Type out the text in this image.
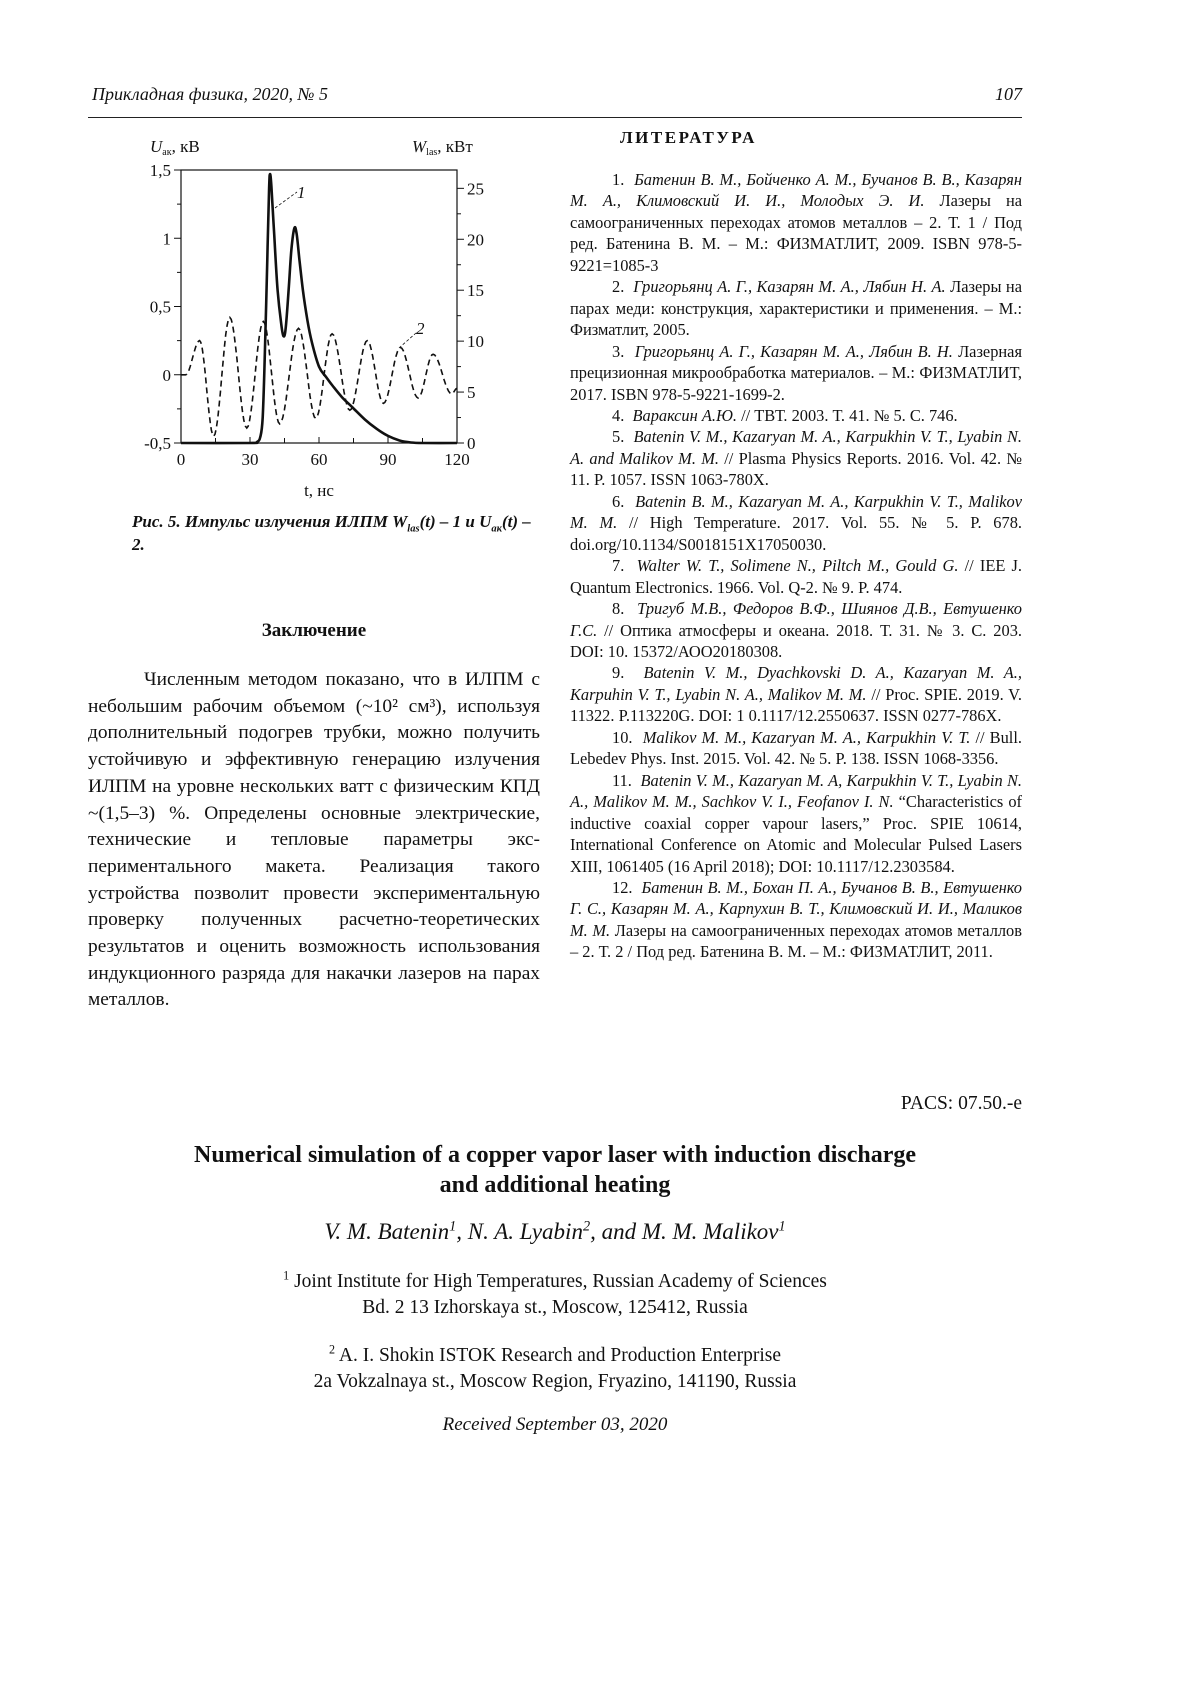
Прикладная физика, 2020, № 5	107
Uак, кВ	Wlas, кВт
1,5
1
0,5
0
-0,5
25
20
15
10
5
0
0	30	60	90	120
1
2
t, нс
Рис. 5. Импульс излучения ИЛПМ Wlas(t) – 1 и Uак(t) – 2.
Заключение
Численным методом показано, что в ИЛПМ с небольшим рабочим объемом (~10² см³), используя дополнительный подо­грев трубки, можно получить устойчивую и эффективную генерацию излучения ИЛПМ на уровне нескольких ватт с физическим КПД ~(1,5–3) %. Определены основные электриче­ские, технические и тепловые параметры экс­периментального макета. Реализация такого устройства позволит провести эксперимен­тальную проверку полученных расчетно-теоретических результатов и оценить возмож­ность использования индукционного разряда для накачки лазеров на парах металлов.
ЛИТЕРАТУРА

1. Батенин В. М., Бойченко А. М., Бучанов В. В., Казарян М. А., Климовский И. И., Молодых Э. И. Лазе­ры на самоограниченных переходах атомов металлов – 2. Т. 1 / Под ред. Батенина В. М. – М.: ФИЗМАТЛИТ, 2009. ISBN 978-5-9221=1085-3

2. Григорьянц А. Г., Казарян М. А., Лябин Н. А. Лазеры на парах меди: конструкция, характеристики и применения. – М.: Физматлит, 2005.

3. Григорьянц А. Г., Казарян М. А., Лябин В. Н. Лазерная прецизионная микрообработка материалов. – М.: ФИЗМАТЛИТ, 2017. ISBN 978-5-9221-1699-2.

4. Вараксин А.Ю. // ТВТ. 2003. Т. 41. № 5. С. 746.

5. Batenin V. M., Kazaryan M. A., Karpukhin V. T., Lyabin N. A. and Malikov M. M. // Plasma Physics Reports. 2016. Vol. 42. № 11. P. 1057. ISSN 1063-780X.

6. Batenin B. M., Kazaryan M. A., Karpukhin V. T., Malikov M. M. // High Temperature. 2017. Vol. 55. № 5. P. 678. doi.org/10.1134/S0018151X17050030.

7. Walter W. T., Solimene N., Piltch M., Gould G. // IEE J. Quantum Electronics. 1966. Vol. Q-2. № 9. P. 474.

8. Тригуб М.В., Федоров В.Ф., Шиянов Д.В., Ев­тушенко Г.С. // Оптика атмосферы и океана. 2018. Т. 31. № 3. С. 203. DOI: 10. 15372/АОО20180308.

9. Batenin V. M., Dyachkovski D. A., Kazaryan M. A., Karpuhin V. T., Lyabin N. A., Malikov M. M. // Proc. SPIE. 2019. V. 11322. P.113220G. DOI: 1 0.1117/12.2550637. ISSN 0277-786X.

10. Malikov M. M., Kazaryan M. A., Karpukhin V. T. // Bull. Lebedev Phys. Inst. 2015. Vol. 42. № 5. P. 138. ISSN 1068-3356.

11. Batenin V. M., Kazaryan M. A, Karpukhin V. T., Lyabin N. A., Malikov M. M., Sachkov V. I., Feofanov I. N. “Characteristics of inductive coaxial copper vapour lasers,” Proc. SPIE 10614, International Conference on Atomic and Molecular Pulsed Lasers XIII, 1061405 (16 April 2018); DOI: 10.1117/12.2303584.

12. Батенин В. М., Бохан П. А., Бучанов В. В., Ев­тушенко Г. С., Казарян М. А., Карпухин В. Т., Климов­ский И. И., Маликов М. М. Лазеры на самоограничен­ных переходах атомов металлов – 2. Т. 2 / Под ред. Батенина В. М. – М.: ФИЗМАТЛИТ, 2011.

PACS: 07.50.-e
Numerical simulation of a copper vapor laser with induction discharge
and additional heating
V. M. Batenin1, N. A. Lyabin2, and M. M. Malikov1
1 Joint Institute for High Temperatures, Russian Academy of Sciences
Bd. 2 13 Izhorskaya st., Moscow, 125412, Russia
2 A. I. Shokin ISTOK Research and Production Enterprise
2a Vokzalnaya st., Moscow Region, Fryazino, 141190, Russia
Received September 03, 2020
